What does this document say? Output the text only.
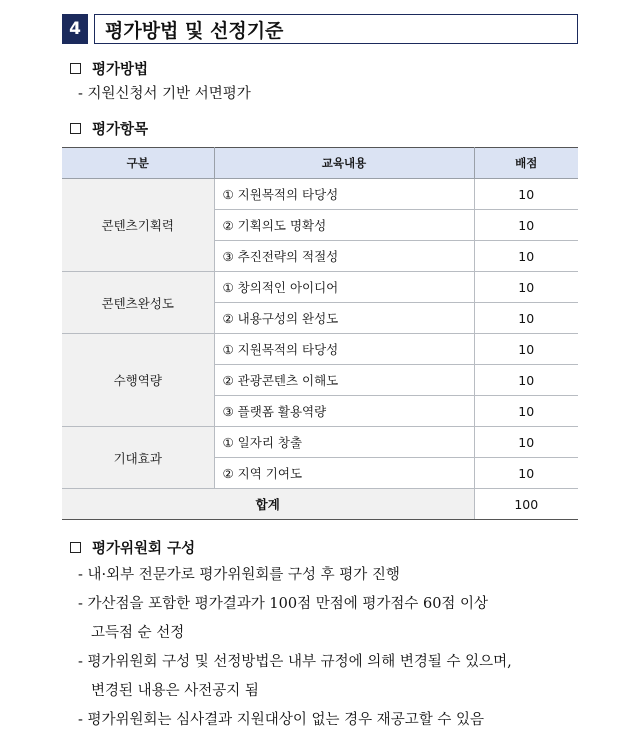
4	평가방법 및 선정기준
평가방법
- 지원신청서 기반 서면평가
평가항목
구분	교육내용	배점
콘텐츠기획력	① 지원목적의 타당성	10
	② 기획의도 명확성	10
	③ 추진전략의 적절성	10
콘텐츠완성도	① 창의적인 아이디어	10
	② 내용구성의 완성도	10
수행역량	① 지원목적의 타당성	10
	② 관광콘텐츠 이해도	10
	③ 플랫폼 활용역량	10
기대효과	① 일자리 창출	10
	② 지역 기여도	10
합계		100
평가위원회 구성
- 내·외부 전문가로 평가위원회를 구성 후 평가 진행
- 가산점을 포함한 평가결과가 100점 만점에 평가점수 60점 이상
고득점 순 선정
- 평가위원회 구성 및 선정방법은 내부 규정에 의해 변경될 수 있으며,
변경된 내용은 사전공지 됨
- 평가위원회는 심사결과 지원대상이 없는 경우 재공고할 수 있음
